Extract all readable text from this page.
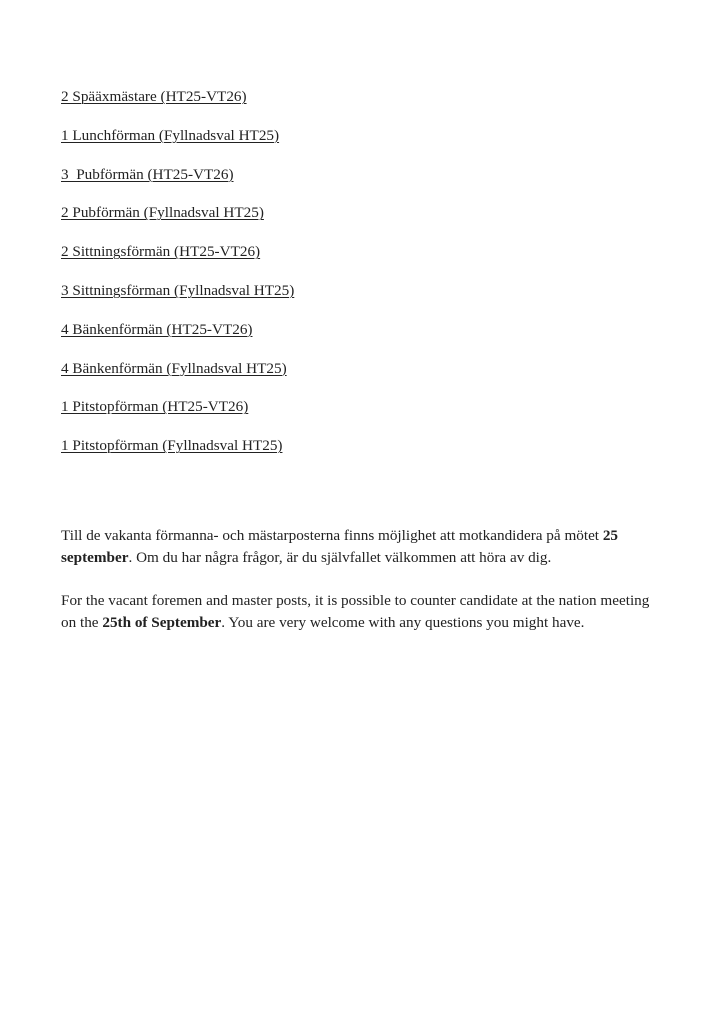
2 Spääxmästare (HT25-VT26)
1 Lunchförman (Fyllnadsval HT25)
3  Pubförmän (HT25-VT26)
2 Pubförmän (Fyllnadsval HT25)
2 Sittningsförmän (HT25-VT26)
3 Sittningsförman (Fyllnadsval HT25)
4 Bänkenförmän (HT25-VT26)
4 Bänkenförmän (Fyllnadsval HT25)
1 Pitstopförman (HT25-VT26)
1 Pitstopförman (Fyllnadsval HT25)

Till de vakanta förmanna- och mästarposterna finns möjlighet att motkandidera på mötet 25 september. Om du har några frågor, är du självfallet välkommen att höra av dig.

For the vacant foremen and master posts, it is possible to counter candidate at the nation meeting on the 25th of September. You are very welcome with any questions you might have.
